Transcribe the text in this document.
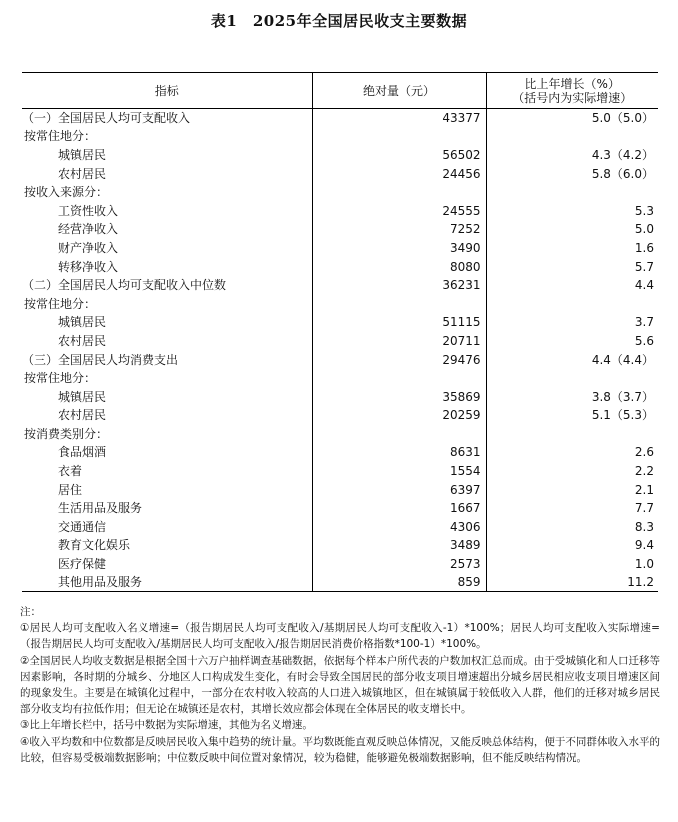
表1　2025年全国居民收支主要数据
指标	绝对量（元）	比上年增长（%）
（括号内为实际增速）

（一）全国居民人均可支配收入	43377	5.0（5.0）
按常住地分：		
城镇居民	56502	4.3（4.2）
农村居民	24456	5.8（6.0）
按收入来源分：		
工资性收入	24555	5.3
经营净收入	7252	5.0
财产净收入	3490	1.6
转移净收入	8080	5.7
（二）全国居民人均可支配收入中位数	36231	4.4
按常住地分：		
城镇居民	51115	3.7
农村居民	20711	5.6
（三）全国居民人均消费支出	29476	4.4（4.4）
按常住地分：		
城镇居民	35869	3.8（3.7）
农村居民	20259	5.1（5.3）
按消费类别分：		
食品烟酒	8631	2.6
衣着	1554	2.2
居住	6397	2.1
生活用品及服务	1667	7.7
交通通信	4306	8.3
教育文化娱乐	3489	9.4
医疗保健	2573	1.0
其他用品及服务	859	11.2
注：

①居民人均可支配收入名义增速=（报告期居民人均可支配收入/基期居民人均可支配收入-1）*100%；居民人均可支配收入实际增速=（报告期居民人均可支配收入/基期居民人均可支配收入/报告期居民消费价格指数*100-1）*100%。

②全国居民人均收支数据是根据全国十六万户抽样调查基础数据，依据每个样本户所代表的户数加权汇总而成。由于受城镇化和人口迁移等因素影响，各时期的分城乡、分地区人口构成发生变化，有时会导致全国居民的部分收支项目增速超出分城乡居民相应收支项目增速区间的现象发生。主要是在城镇化过程中，一部分在农村收入较高的人口进入城镇地区，但在城镇属于较低收入人群，他们的迁移对城乡居民部分收支均有拉低作用；但无论在城镇还是农村，其增长效应都会体现在全体居民的收支增长中。

③比上年增长栏中，括号中数据为实际增速，其他为名义增速。

④收入平均数和中位数都是反映居民收入集中趋势的统计量。平均数既能直观反映总体情况，又能反映总体结构，便于不同群体收入水平的比较，但容易受极端数据影响；中位数反映中间位置对象情况，较为稳健，能够避免极端数据影响，但不能反映结构情况。
